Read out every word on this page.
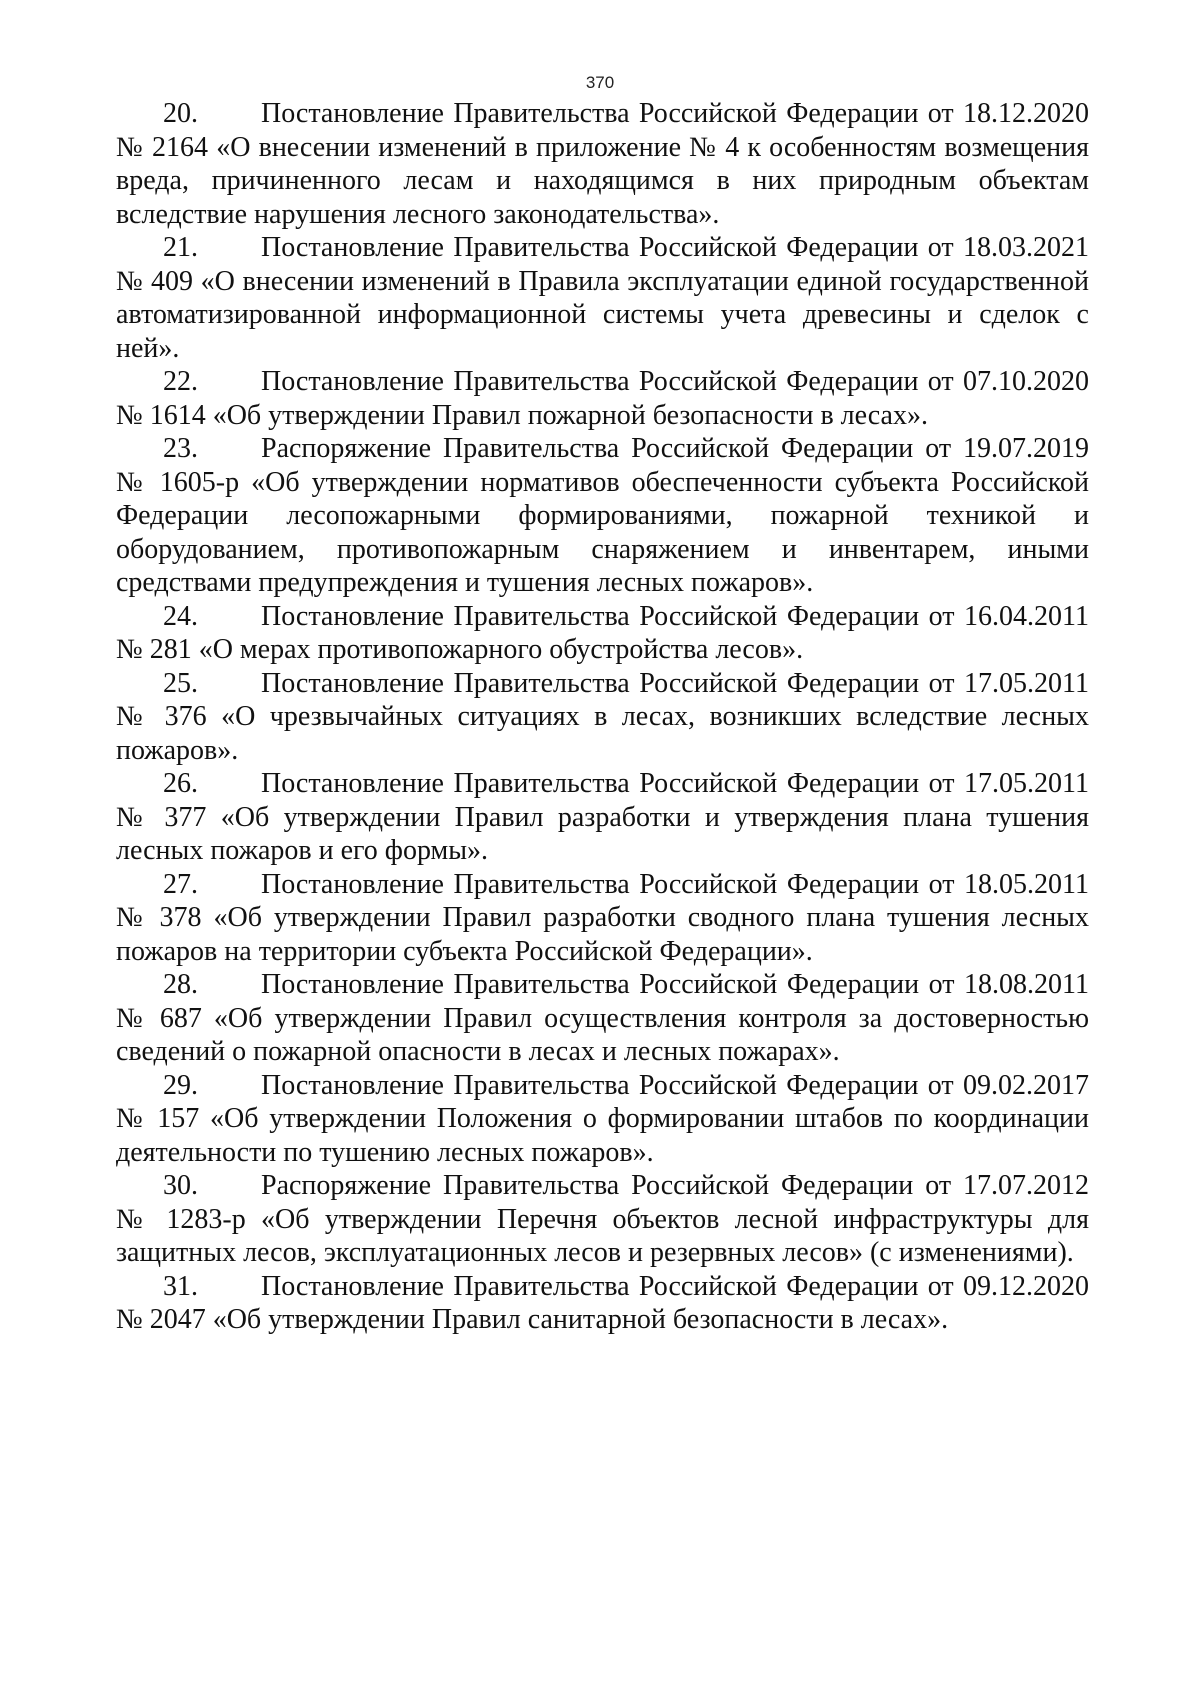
370

20. Постановление Правительства Российской Федерации от 18.12.2020 № 2164 «О внесении изменений в приложение № 4 к особенностям возмещения вреда, причиненного лесам и находящимся в них природным объектам вследствие нарушения лесного законодательства».

21. Постановление Правительства Российской Федерации от 18.03.2021 № 409 «О внесении изменений в Правила эксплуатации единой государственной автоматизированной информационной системы учета древесины и сделок с ней».

22. Постановление Правительства Российской Федерации от 07.10.2020 № 1614 «Об утверждении Правил пожарной безопасности в лесах».

23. Распоряжение Правительства Российской Федерации от 19.07.2019 № 1605-р «Об утверждении нормативов обеспеченности субъекта Российской Федерации лесопожарными формированиями, пожарной техникой и оборудованием, противопожарным снаряжением и инвентарем, иными средствами предупреждения и тушения лесных пожаров».

24. Постановление Правительства Российской Федерации от 16.04.2011 № 281 «О мерах противопожарного обустройства лесов».

25. Постановление Правительства Российской Федерации от 17.05.2011 № 376 «О чрезвычайных ситуациях в лесах, возникших вследствие лесных пожаров».

26. Постановление Правительства Российской Федерации от 17.05.2011 № 377 «Об утверждении Правил разработки и утверждения плана тушения лесных пожаров и его формы».

27. Постановление Правительства Российской Федерации от 18.05.2011 № 378 «Об утверждении Правил разработки сводного плана тушения лесных пожаров на территории субъекта Российской Федерации».

28. Постановление Правительства Российской Федерации от 18.08.2011 № 687 «Об утверждении Правил осуществления контроля за достоверностью сведений о пожарной опасности в лесах и лесных пожарах».

29. Постановление Правительства Российской Федерации от 09.02.2017 № 157 «Об утверждении Положения о формировании штабов по координации деятельности по тушению лесных пожаров».

30. Распоряжение Правительства Российской Федерации от 17.07.2012 № 1283-р «Об утверждении Перечня объектов лесной инфраструктуры для защитных лесов, эксплуатационных лесов и резервных лесов» (с изменениями).

31. Постановление Правительства Российской Федерации от 09.12.2020 № 2047 «Об утверждении Правил санитарной безопасности в лесах».
